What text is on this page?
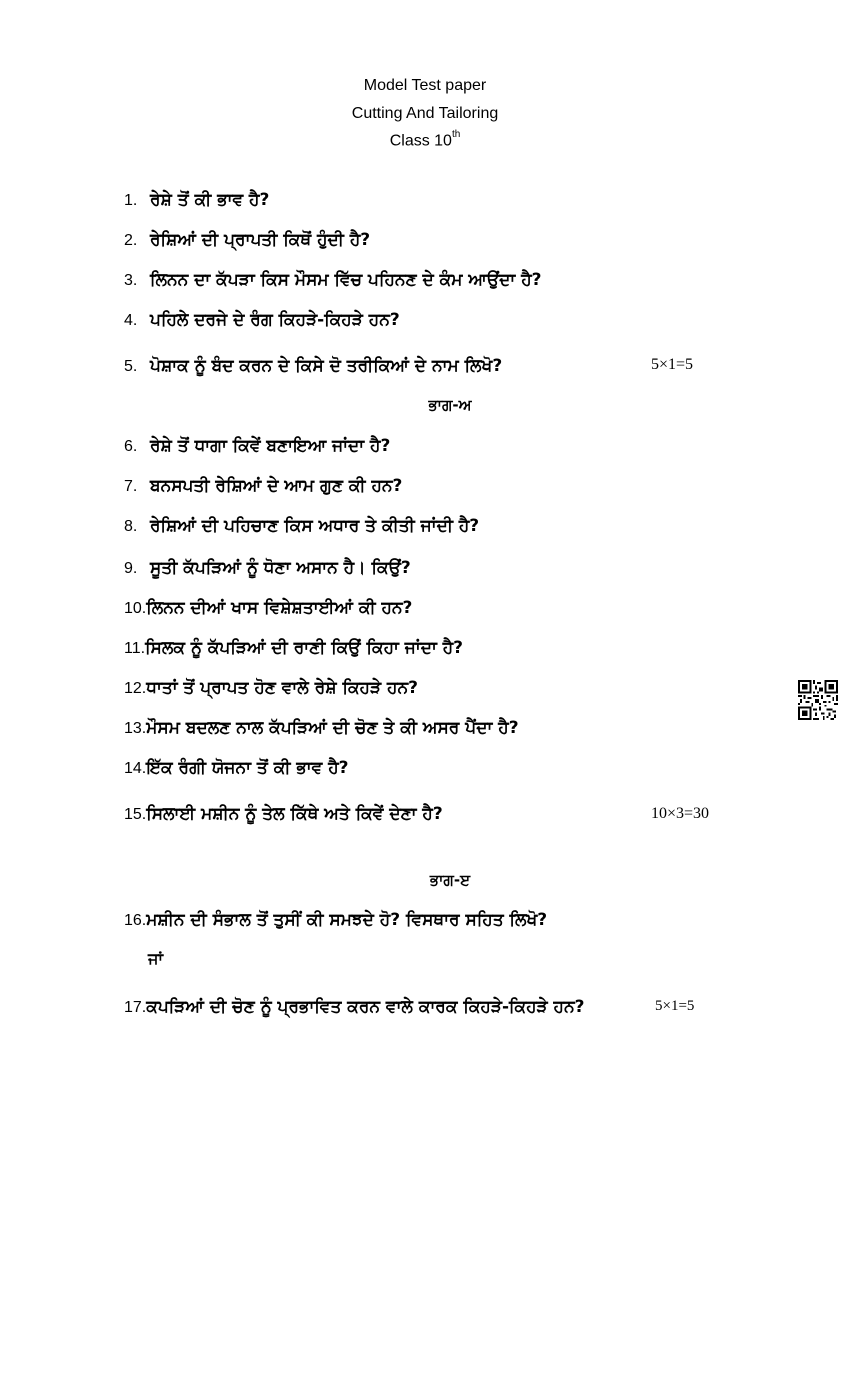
Model Test paper
Cutting And Tailoring
Class 10th
1. ਰੇਸ਼ੇ ਤੋਂ ਕੀ ਭਾਵ ਹੈ?
2. ਰੇਸ਼ਿਆਂ ਦੀ ਪ੍ਰਾਪਤੀ ਕਿਥੋਂ ਹੁੰਦੀ ਹੈ?
3. ਲਿਨਨ ਦਾ ਕੱਪੜਾ ਕਿਸ ਮੌਸਮ ਵਿੱਚ ਪਹਿਨਣ ਦੇ ਕੰਮ ਆਉਂਦਾ ਹੈ?
4. ਪਹਿਲੇ ਦਰਜੇ ਦੇ ਰੰਗ ਕਿਹੜੇ-ਕਿਹੜੇ ਹਨ?
5. ਪੋਸ਼ਾਕ ਨੂੰ ਬੰਦ ਕਰਨ ਦੇ ਕਿਸੇ ਦੋ ਤਰੀਕਿਆਂ ਦੇ ਨਾਮ ਲਿਖੋ?	5×1=5
ਭਾਗ-ਅ
6. ਰੇਸ਼ੇ ਤੋਂ ਧਾਗਾ ਕਿਵੇਂ ਬਣਾਇਆ ਜਾਂਦਾ ਹੈ?
7. ਬਨਸਪਤੀ ਰੇਸ਼ਿਆਂ ਦੇ ਆਮ ਗੁਣ ਕੀ ਹਨ?
8. ਰੇਸ਼ਿਆਂ ਦੀ ਪਹਿਚਾਣ ਕਿਸ ਅਧਾਰ ਤੇ ਕੀਤੀ ਜਾਂਦੀ ਹੈ?
9. ਸੂਤੀ ਕੱਪੜਿਆਂ ਨੂੰ ਧੋਣਾ ਅਸਾਨ ਹੈ। ਕਿਉਂ?
10.ਲਿਨਨ ਦੀਆਂ ਖਾਸ ਵਿਸ਼ੇਸ਼ਤਾਈਆਂ ਕੀ ਹਨ?
11.ਸਿਲਕ ਨੂੰ ਕੱਪੜਿਆਂ ਦੀ ਰਾਣੀ ਕਿਉਂ ਕਿਹਾ ਜਾਂਦਾ ਹੈ?
12.ਧਾਤਾਂ ਤੋਂ ਪ੍ਰਾਪਤ ਹੋਣ ਵਾਲੇ ਰੇਸ਼ੇ ਕਿਹੜੇ ਹਨ?
13.ਮੌਸਮ ਬਦਲਣ ਨਾਲ ਕੱਪੜਿਆਂ ਦੀ ਚੋਣ ਤੇ ਕੀ ਅਸਰ ਪੈਂਦਾ ਹੈ?
14.ਇੱਕ ਰੰਗੀ ਯੋਜਨਾ ਤੋਂ ਕੀ ਭਾਵ ਹੈ?
15.ਸਿਲਾਈ ਮਸ਼ੀਨ ਨੂੰ ਤੇਲ ਕਿੱਥੇ ਅਤੇ ਕਿਵੇਂ ਦੇਣਾ ਹੈ?	10×3=30
ਭਾਗ-ੲ
16.ਮਸ਼ੀਨ ਦੀ ਸੰਭਾਲ ਤੋਂ ਤੁਸੀਂ ਕੀ ਸਮਝਦੇ ਹੋ? ਵਿਸਥਾਰ ਸਹਿਤ ਲਿਖੋ?
ਜਾਂ
17.ਕਪੜਿਆਂ ਦੀ ਚੋਣ ਨੂੰ ਪ੍ਰਭਾਵਿਤ ਕਰਨ ਵਾਲੇ ਕਾਰਕ ਕਿਹੜੇ-ਕਿਹੜੇ ਹਨ?	5×1=5
